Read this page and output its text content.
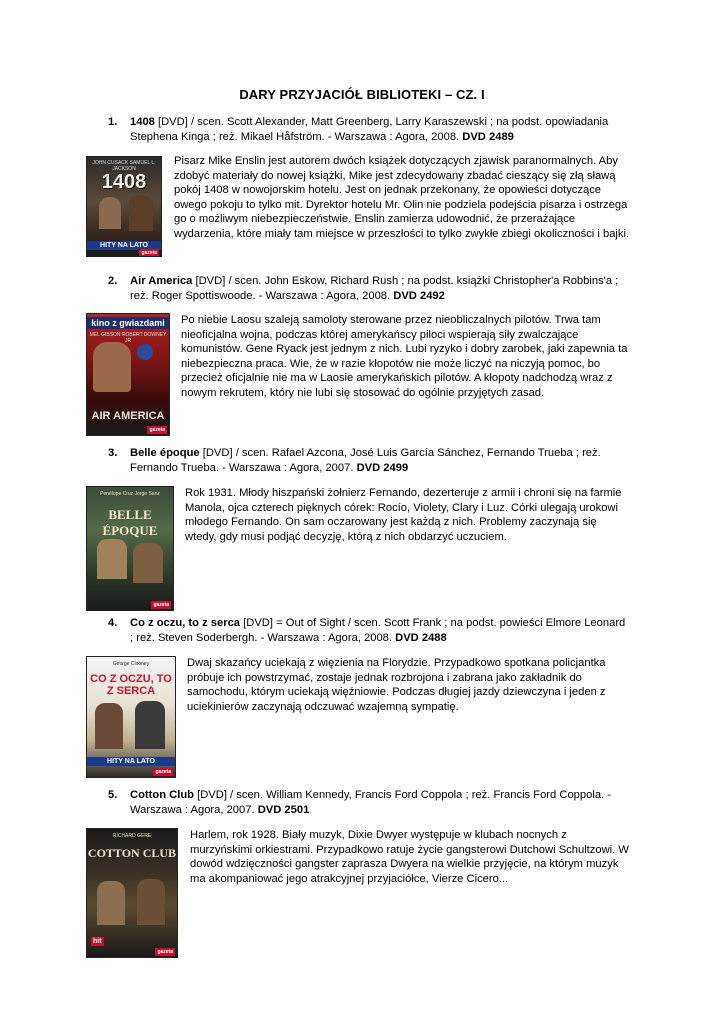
DARY PRZYJACIÓŁ BIBLIOTEKI – CZ. I
1. 1408 [DVD] / scen. Scott Alexander, Matt Greenberg, Larry Karaszewski ; na podst. opowiadania Stephena Kinga ; reż. Mikael Håfström. - Warszawa : Agora, 2008. DVD 2489
JOHN CUSACK SAMUEL L. JACKSON
1408
HITY NA LATO
gazeta
Pisarz Mike Enslin jest autorem dwóch książek dotyczących zjawisk paranormalnych. Aby zdobyć materiały do nowej książki, Mike jest zdecydowany zbadać cieszący się złą sławą pokój 1408 w nowojorskim hotelu. Jest on jednak przekonany, że opowieści dotyczące owego pokoju to tylko mit. Dyrektor hotelu Mr. Olin nie podziela podejścia pisarza i ostrzega go o możliwym niebezpieczeństwie. Enslin zamierza udowodnić, że przerażające wydarzenia, które miały tam miejsce w przeszłości to tylko zwykłe zbiegi okoliczności i bajki.
2. Air America [DVD] / scen. John Eskow, Richard Rush ; na podst. książki Christopher'a Robbins'a ; reż. Roger Spottiswoode. - Warszawa : Agora, 2008. DVD 2492
kino z gwiazdami
MEL GIBSON ROBERT DOWNEY JR
AIR AMERICA
gazeta
Po niebie Laosu szaleją samoloty sterowane przez nieobliczalnych pilotów. Trwa tam nieoficjalna wojna, podczas której amerykańscy piloci wspierają siły zwalczające komunistów. Gene Ryack jest jednym z nich. Lubi ryzyko i dobry zarobek, jaki zapewnia ta niebezpieczna praca. Wie, że w razie kłopotów nie może liczyć na niczyją pomoc, bo przecież oficjalnie nie ma w Laosie amerykańskich pilotów. A kłopoty nadchodzą wraz z nowym rekrutem, który nie lubi się stosować do ogólnie przyjętych zasad.
3. Belle époque [DVD] / scen. Rafael Azcona, José Luis García Sánchez, Fernando Trueba ; reż. Fernando Trueba. - Warszawa : Agora, 2007. DVD 2499
Penélope Cruz Jorge Sanz
BELLE ÉPOQUE
gazeta
Rok 1931. Młody hiszpański żołnierz Fernando, dezerteruje z armii i chroni się na farmie Manola, ojca czterech pięknych córek: Rocío, Violety, Clary i Luz. Córki ulegają urokowi młodego Fernando. On sam oczarowany jest każdą z nich. Problemy zaczynają się wtedy, gdy musi podjąć decyzję, którą z nich obdarzyć uczuciem.
4. Co z oczu, to z serca [DVD] = Out of Sight / scen. Scott Frank ; na podst. powieści Elmore Leonard ; reż. Steven Soderbergh. - Warszawa : Agora, 2008. DVD 2488
George Clooney
CO Z OCZU, TO Z SERCA
HITY NA LATO
gazeta
Dwaj skazańcy uciekają z więzienia na Florydzie. Przypadkowo spotkana policjantka próbuje ich powstrzymać, zostaje jednak rozbrojona i zabrana jako zakładnik do samochodu, którym uciekają więźniowie. Podczas długiej jazdy dziewczyna i jeden z uciekinierów zaczynają odczuwać wzajemną sympatię.
5. Cotton Club [DVD] / scen. William Kennedy, Francis Ford Coppola ; reż. Francis Ford Coppola. - Warszawa : Agora, 2007. DVD 2501
RICHARD GERE
COTTON CLUB
hit
gazeta
Harlem, rok 1928. Biały muzyk, Dixie Dwyer występuje w klubach nocnych z murzyńskimi orkiestrami. Przypadkowo ratuje życie gangsterowi Dutchowi Schultzowi. W dowód wdzięczności gangster zaprasza Dwyera na wielkie przyjęcie, na którym muzyk ma akompaniować jego atrakcyjnej przyjaciółce, Vierze Cicero...
